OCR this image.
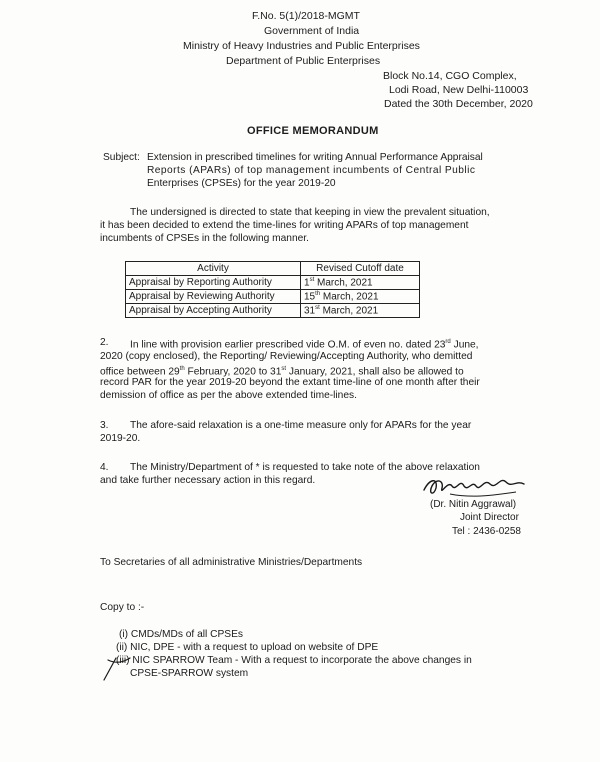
F.No. 5(1)/2018-MGMT
Government of India
Ministry of Heavy Industries and Public Enterprises
Department of Public Enterprises
Block No.14, CGO Complex,
Lodi Road, New Delhi-110003
Dated the 30th December, 2020
OFFICE MEMORANDUM
Subject: Extension in prescribed timelines for writing Annual Performance Appraisal
Reports (APARs) of top management incumbents of Central Public
Enterprises (CPSEs) for the year 2019-20
The undersigned is directed to state that keeping in view the prevalent situation,
it has been decided to extend the time-lines for writing APARs of top management
incumbents of CPSEs in the following manner.
Activity	Revised Cutoff date
Appraisal by Reporting Authority	1st March, 2021
Appraisal by Reviewing Authority	15th March, 2021
Appraisal by Accepting Authority	31st March, 2021
2. In line with provision earlier prescribed vide O.M. of even no. dated 23rd June,
2020 (copy enclosed), the Reporting/ Reviewing/Accepting Authority, who demitted
office between 29th February, 2020 to 31st January, 2021, shall also be allowed to
record PAR for the year 2019-20 beyond the extant time-line of one month after their
demission of office as per the above extended time-lines.
3. The afore-said relaxation is a one-time measure only for APARs for the year
2019-20.
4. The Ministry/Department of * is requested to take note of the above relaxation
and take further necessary action in this regard.
(Dr. Nitin Aggrawal)
Joint Director
Tel : 2436-0258
To Secretaries of all administrative Ministries/Departments
Copy to :-
(i) CMDs/MDs of all CPSEs
(ii) NIC, DPE - with a request to upload on website of DPE
(iii) NIC SPARROW Team - With a request to incorporate the above changes in
CPSE-SPARROW system
